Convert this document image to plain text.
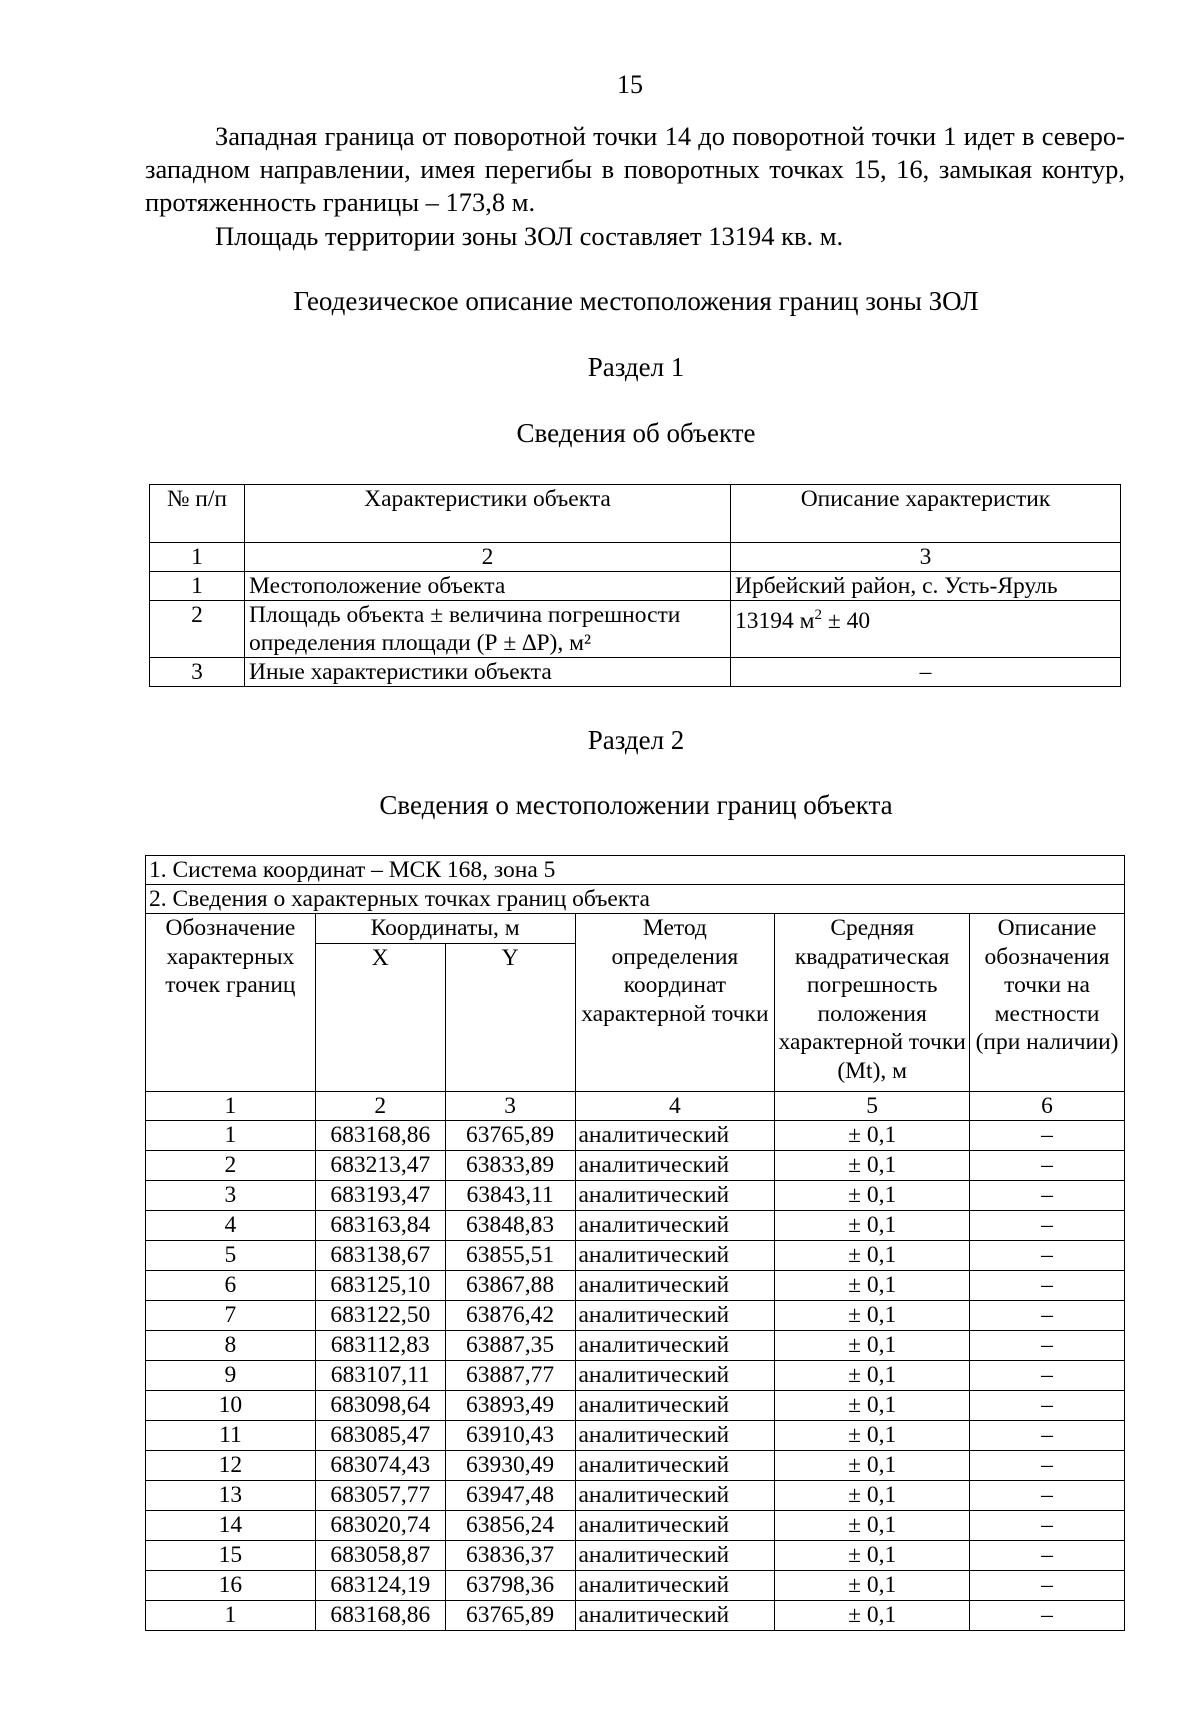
15

Западная граница от поворотной точки 14 до поворотной точки 1 идет в северо-западном направлении, имея перегибы в поворотных точках 15, 16, замыкая контур, протяженность границы – 173,8 м.

Площадь территории зоны ЗОЛ составляет 13194 кв. м.

Геодезическое описание местоположения границ зоны ЗОЛ

Раздел 1

Сведения об объекте

№ п/п	Характеристики объекта	Описание характеристик
1	2	3
1	Местоположение объекта	Ирбейский район, с. Усть-Яруль
2	Площадь объекта ± величина погрешности определения площади (Р ± ∆Р), м²	13194 $м^2 \pm 40$
3	Иные характеристики объекта	–

Раздел 2

Сведения о местоположении границ объекта

1. Система координат – МСК 168, зона 5					
2. Сведения о характерных точках границ объекта					
Обозначение характерных точек границ	Координаты, м		Метод определения координат характерной точки	Средняя квадратическая погрешность положения характерной точки (Mt), м	Описание обозначения точки на местности (при наличии)
	X	Y			
1	2	3	4	5	6
1	683168,86	63765,89	аналитический	± 0,1	–
2	683213,47	63833,89	аналитический	± 0,1	–
3	683193,47	63843,11	аналитический	± 0,1	–
4	683163,84	63848,83	аналитический	± 0,1	–
5	683138,67	63855,51	аналитический	± 0,1	–
6	683125,10	63867,88	аналитический	± 0,1	–
7	683122,50	63876,42	аналитический	± 0,1	–
8	683112,83	63887,35	аналитический	± 0,1	–
9	683107,11	63887,77	аналитический	± 0,1	–
10	683098,64	63893,49	аналитический	± 0,1	–
11	683085,47	63910,43	аналитический	± 0,1	–
12	683074,43	63930,49	аналитический	± 0,1	–
13	683057,77	63947,48	аналитический	± 0,1	–
14	683020,74	63856,24	аналитический	± 0,1	–
15	683058,87	63836,37	аналитический	± 0,1	–
16	683124,19	63798,36	аналитический	± 0,1	–
1	683168,86	63765,89	аналитический	± 0,1	–
